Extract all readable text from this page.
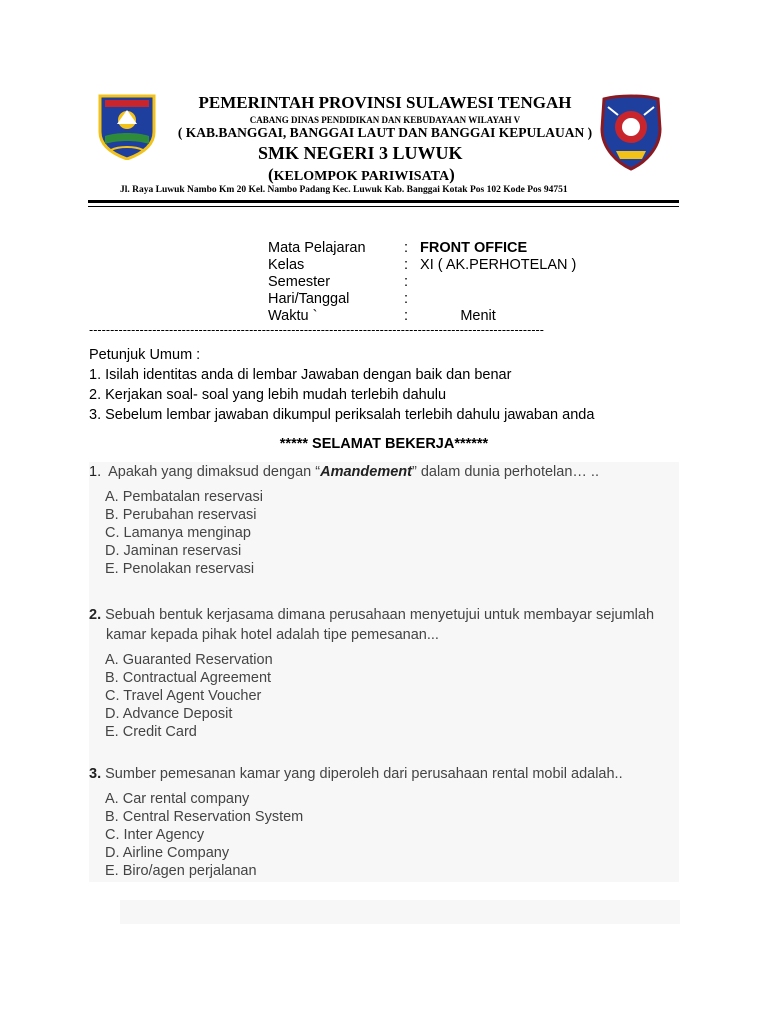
PEMERINTAH PROVINSI SULAWESI TENGAH
CABANG DINAS PENDIDIKAN DAN KEBUDAYAAN WILAYAH V
( KAB.BANGGAI, BANGGAI LAUT DAN BANGGAI KEPULAUAN )
SMK NEGERI 3 LUWUK
(KELOMPOK PARIWISATA)
Jl. Raya Luwuk Nambo Km 20 Kel. Nambo Padang Kec. Luwuk Kab. Banggai Kotak Pos 102 Kode Pos 94751
Mata Pelajaran	: FRONT OFFICE
Kelas	: XI ( AK.PERHOTELAN )
Semester	:
Hari/Tanggal	:
Waktu `	: Menit
------------------------------------------------------------------------------------------------------------
Petunjuk Umum :
1. Isilah identitas anda di lembar Jawaban dengan baik dan benar
2. Kerjakan soal- soal yang lebih mudah terlebih dahulu
3. Sebelum lembar jawaban dikumpul periksalah terlebih dahulu jawaban anda
***** SELAMAT BEKERJA******
1. Apakah yang dimaksud dengan “Amandement” dalam dunia perhotelan… ..
A. Pembatalan reservasi
B. Perubahan reservasi
C. Lamanya menginap
D. Jaminan reservasi
E. Penolakan reservasi
2. Sebuah bentuk kerjasama dimana perusahaan menyetujui untuk membayar sejumlah
kamar kepada pihak hotel adalah tipe pemesanan...
A. Guaranted Reservation
B. Contractual Agreement
C. Travel Agent Voucher
D. Advance Deposit
E. Credit Card
3. Sumber pemesanan kamar yang diperoleh dari perusahaan rental mobil adalah..
A. Car rental company
B. Central Reservation System
C. Inter Agency
D. Airline Company
E. Biro/agen perjalanan
